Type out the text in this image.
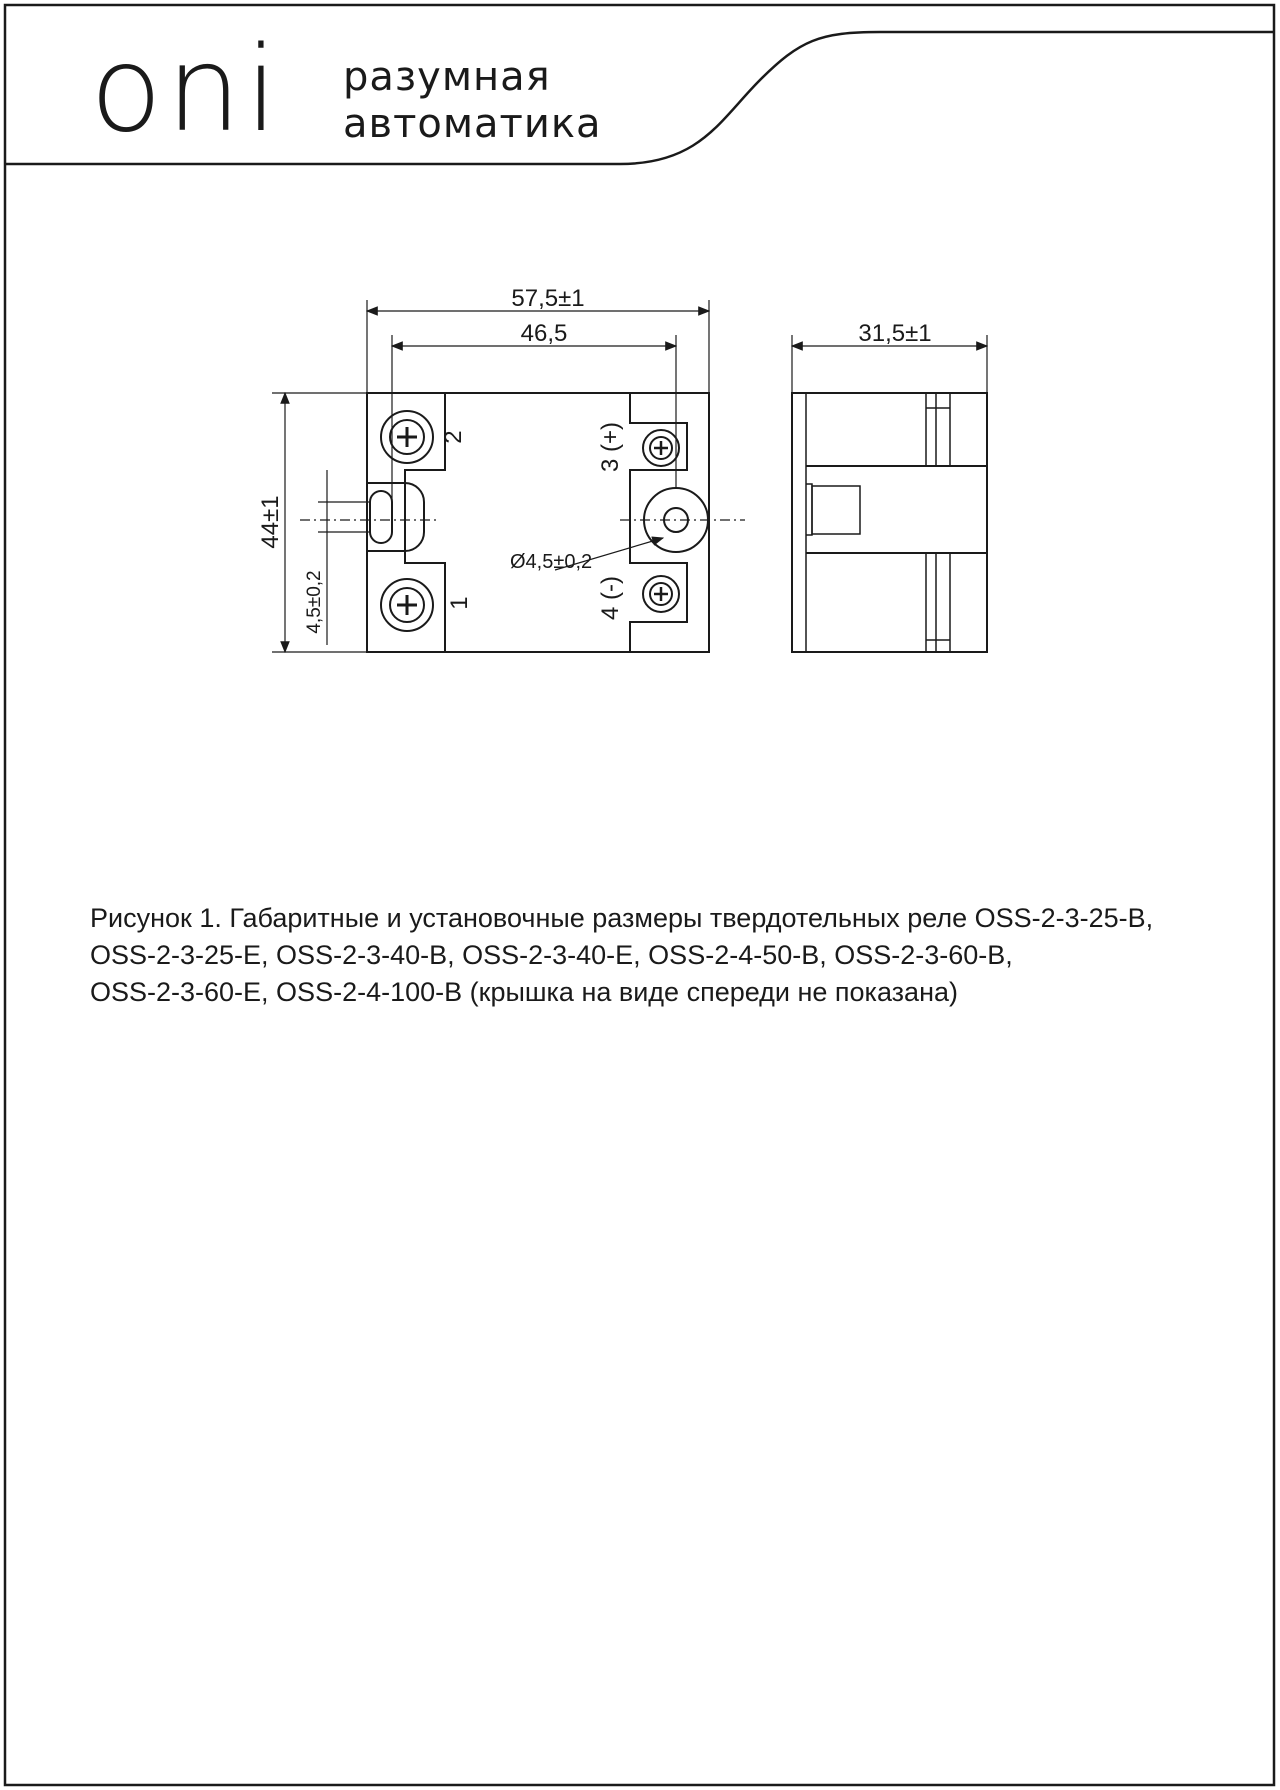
oni разумная
автоматика
57,5±1
46,5	31,5±1
44±1
4,5±0,2
Ø4,5±0,2
2
1
3 (+)
4 (-)
Рисунок 1. Габаритные и установочные размеры твердотельных реле OSS-2-3-25-B,
OSS-2-3-25-E, OSS-2-3-40-B, OSS-2-3-40-E, OSS-2-4-50-B, OSS-2-3-60-B,
OSS-2-3-60-E, OSS-2-4-100-B (крышка на виде спереди не показана)
